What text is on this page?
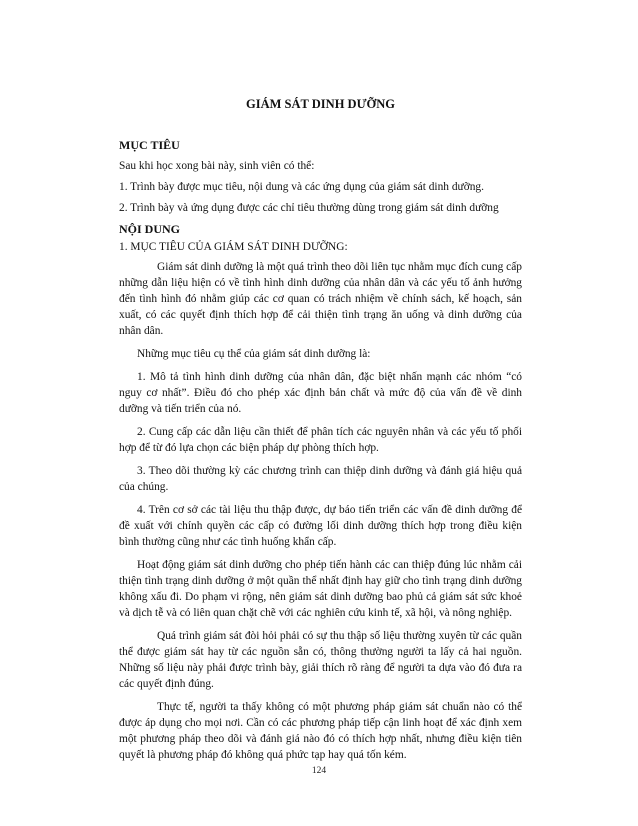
GIÁM SÁT DINH DƯỠNG
MỤC TIÊU
Sau khi học xong bài này, sinh viên có thể:
1. Trình bày được mục tiêu, nội dung và các ứng dụng của giám sát dinh dưỡng.
2. Trình bày và ứng dụng được các chỉ tiêu thường dùng trong giám sát dinh dưỡng
NỘI DUNG
1. MỤC TIÊU CỦA GIÁM SÁT DINH DƯỠNG:

Giám sát dinh dưỡng là một quá trình theo dõi liên tục nhằm mục đích cung cấp những dẫn liệu hiện có về tình hình dinh dưỡng của nhân dân và các yếu tố ảnh hưởng đến tình hình đó nhằm giúp các cơ quan có trách nhiệm về chính sách, kế hoạch, sản xuất, có các quyết định thích hợp để cải thiện tình trạng ăn uống và dinh dưỡng của nhân dân.

Những mục tiêu cụ thể của giám sát dinh dưỡng là:

1. Mô tả tình hình dinh dưỡng của nhân dân, đặc biệt nhấn mạnh các nhóm “có nguy cơ nhất”. Điều đó cho phép xác định bản chất và mức độ của vấn đề về dinh dưỡng và tiến triển của nó.

2. Cung cấp các dẫn liệu cần thiết để phân tích các nguyên nhân và các yếu tố phối hợp để từ đó lựa chọn các biện pháp dự phòng thích hợp.

3. Theo dõi thường kỳ các chương trình can thiệp dinh dưỡng và đánh giá hiệu quả của chúng.

4. Trên cơ sở các tài liệu thu thập được, dự báo tiến triển các vấn đề dinh dưỡng để đề xuất với chính quyền các cấp có đường lối dinh dưỡng thích hợp trong điều kiện bình thường cũng như các tình huống khẩn cấp.

Hoạt động giám sát dinh dưỡng cho phép tiến hành các can thiệp đúng lúc nhằm cải thiện tình trạng dinh dưỡng ở một quần thể nhất định hay giữ cho tình trạng dinh dưỡng không xấu đi. Do phạm vi rộng, nên giám sát dinh dưỡng bao phủ cả giám sát sức khoẻ và dịch tễ và có liên quan chặt chẽ với các nghiên cứu kinh tế, xã hội, và nông nghiệp.

Quá trình giám sát đòi hỏi phải có sự thu thập số liệu thường xuyên từ các quần thể được giám sát hay từ các nguồn sẵn có, thông thường người ta lấy cả hai nguồn. Những số liệu này phải được trình bày, giải thích rõ ràng để người ta dựa vào đó đưa ra các quyết định đúng.

Thực tế, người ta thấy không có một phương pháp giám sát chuẩn nào có thể được áp dụng cho mọi nơi. Cần có các phương pháp tiếp cận linh hoạt để xác định xem một phương pháp theo dõi và đánh giá nào đó có thích hợp nhất, nhưng điều kiện tiên quyết là phương pháp đó không quá phức tạp hay quá tốn kém.

124
